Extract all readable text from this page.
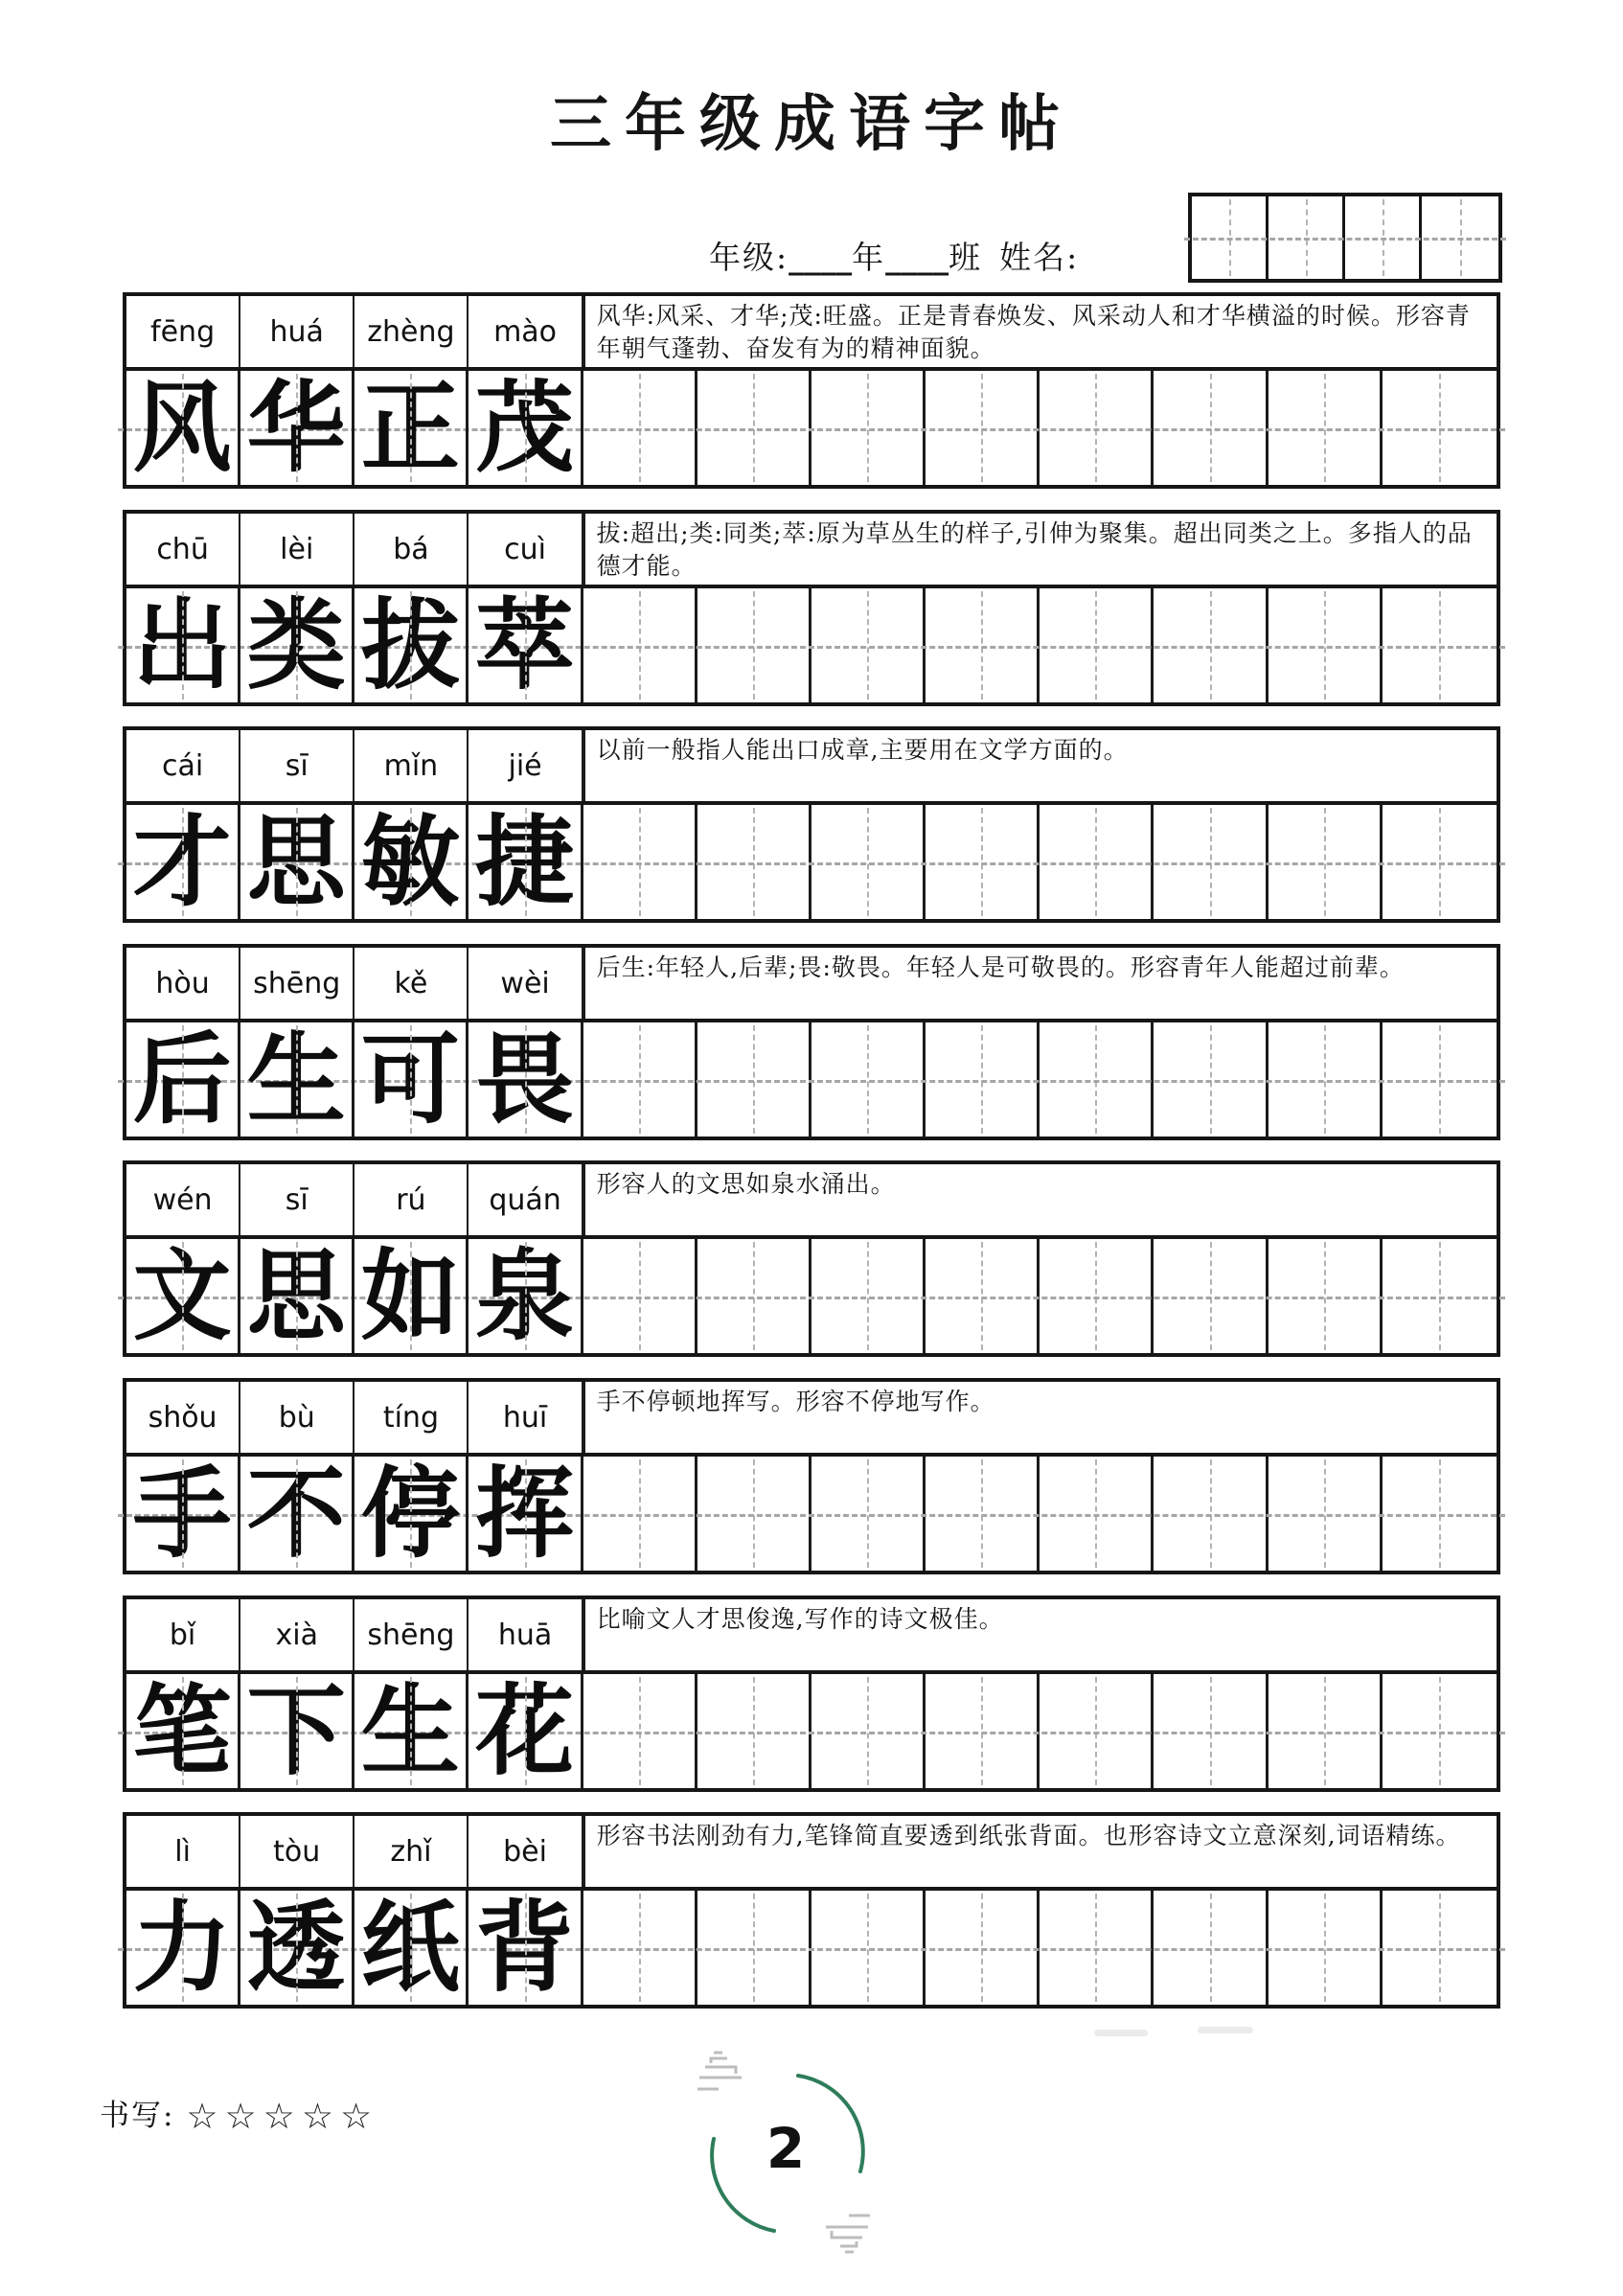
三年级成语字帖
年级:____年____班 姓名:
fēng	huá	zhèng	mào	风华:风采、才华;茂:旺盛。正是青春焕发、风采动人和才华横溢的时候。形容青年朝气蓬勃、奋发有为的精神面貌。
风 华 正 茂
chū	lèi	bá	cuì	拔:超出;类:同类;萃:原为草丛生的样子,引伸为聚集。超出同类之上。多指人的品德才能。
出 类 拔 萃
cái	sī	mǐn	jié	以前一般指人能出口成章,主要用在文学方面的。
才 思 敏 捷
hòu	shēng	kě	wèi	后生:年轻人,后辈;畏:敬畏。年轻人是可敬畏的。形容青年人能超过前辈。
后 生 可 畏
wén	sī	rú	quán	形容人的文思如泉水涌出。
文 思 如 泉
shǒu	bù	tíng	huī	手不停顿地挥写。形容不停地写作。
手 不 停 挥
bǐ	xià	shēng	huā	比喻文人才思俊逸,写作的诗文极佳。
笔 下 生 花
lì	tòu	zhǐ	bèi	形容书法刚劲有力,笔锋简直要透到纸张背面。也形容诗文立意深刻,词语精练。
力 透 纸 背
书写: ☆☆☆☆☆	2
